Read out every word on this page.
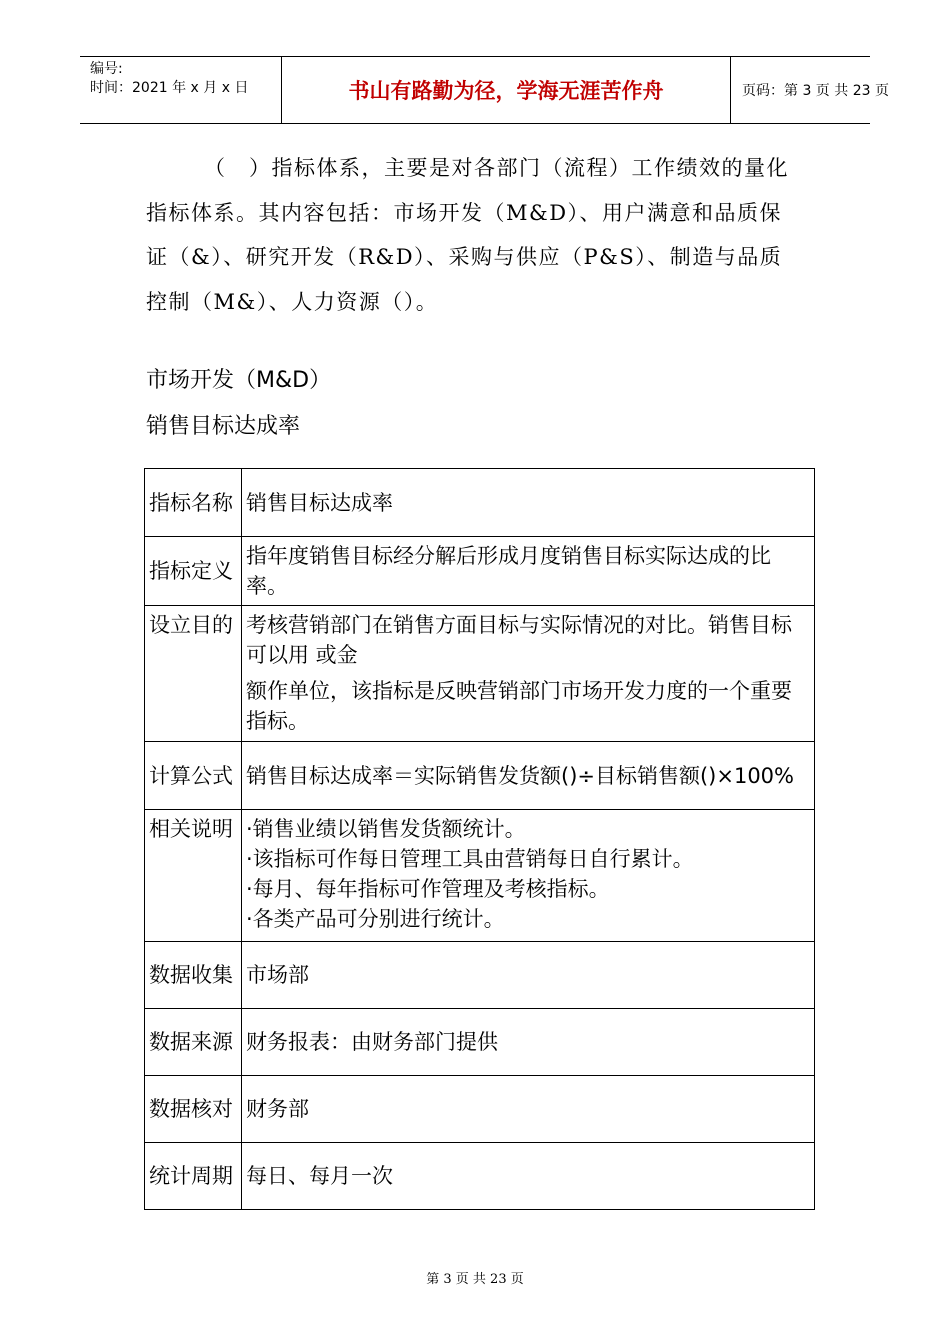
编号:
时间：2021 年 x 月 x 日	书山有路勤为径，学海无涯苦作舟	页码：第 3 页 共 23 页
（　）指标体系，主要是对各部门（流程）工作绩效的量化指标体系。其内容包括：市场开发（M&D）、用户满意和品质保证（&）、研究开发（R&D）、采购与供应（P&S）、制造与品质控制（M&）、人力资源（）。
市场开发（M&D）
销售目标达成率
指标名称	销售目标达成率
指标定义	指年度销售目标经分解后形成月度销售目标实际达成的比率。
设立目的	考核营销部门在销售方面目标与实际情况的对比。销售目标可以用 或金
额作单位，该指标是反映营销部门市场开发力度的一个重要指标。

计算公式	销售目标达成率＝实际销售发货额()÷目标销售额()×100%
相关说明	·销售业绩以销售发货额统计。
·该指标可作每日管理工具由营销每日自行累计。
·每月、每年指标可作管理及考核指标。
·各类产品可分别进行统计。

数据收集	市场部
数据来源	财务报表：由财务部门提供
数据核对	财务部
统计周期	每日、每月一次
第 3 页 共 23 页
